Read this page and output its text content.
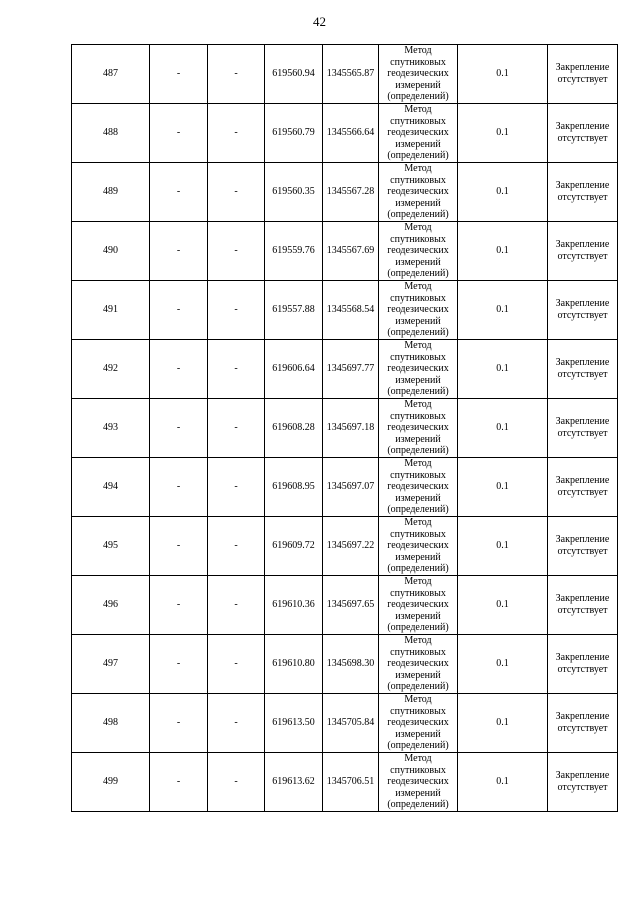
42
487	-	-	619560.94	1345565.87	Метод
спутниковых
геодезических
измерений
(определений)	0.1	Закрепление
отсутствует

488	-	-	619560.79	1345566.64	Метод
спутниковых
геодезических
измерений
(определений)	0.1	Закрепление
отсутствует

489	-	-	619560.35	1345567.28	Метод
спутниковых
геодезических
измерений
(определений)	0.1	Закрепление
отсутствует

490	-	-	619559.76	1345567.69	Метод
спутниковых
геодезических
измерений
(определений)	0.1	Закрепление
отсутствует

491	-	-	619557.88	1345568.54	Метод
спутниковых
геодезических
измерений
(определений)	0.1	Закрепление
отсутствует

492	-	-	619606.64	1345697.77	Метод
спутниковых
геодезических
измерений
(определений)	0.1	Закрепление
отсутствует

493	-	-	619608.28	1345697.18	Метод
спутниковых
геодезических
измерений
(определений)	0.1	Закрепление
отсутствует

494	-	-	619608.95	1345697.07	Метод
спутниковых
геодезических
измерений
(определений)	0.1	Закрепление
отсутствует

495	-	-	619609.72	1345697.22	Метод
спутниковых
геодезических
измерений
(определений)	0.1	Закрепление
отсутствует

496	-	-	619610.36	1345697.65	Метод
спутниковых
геодезических
измерений
(определений)	0.1	Закрепление
отсутствует

497	-	-	619610.80	1345698.30	Метод
спутниковых
геодезических
измерений
(определений)	0.1	Закрепление
отсутствует

498	-	-	619613.50	1345705.84	Метод
спутниковых
геодезических
измерений
(определений)	0.1	Закрепление
отсутствует

499	-	-	619613.62	1345706.51	Метод
спутниковых
геодезических
измерений
(определений)	0.1	Закрепление
отсутствует
